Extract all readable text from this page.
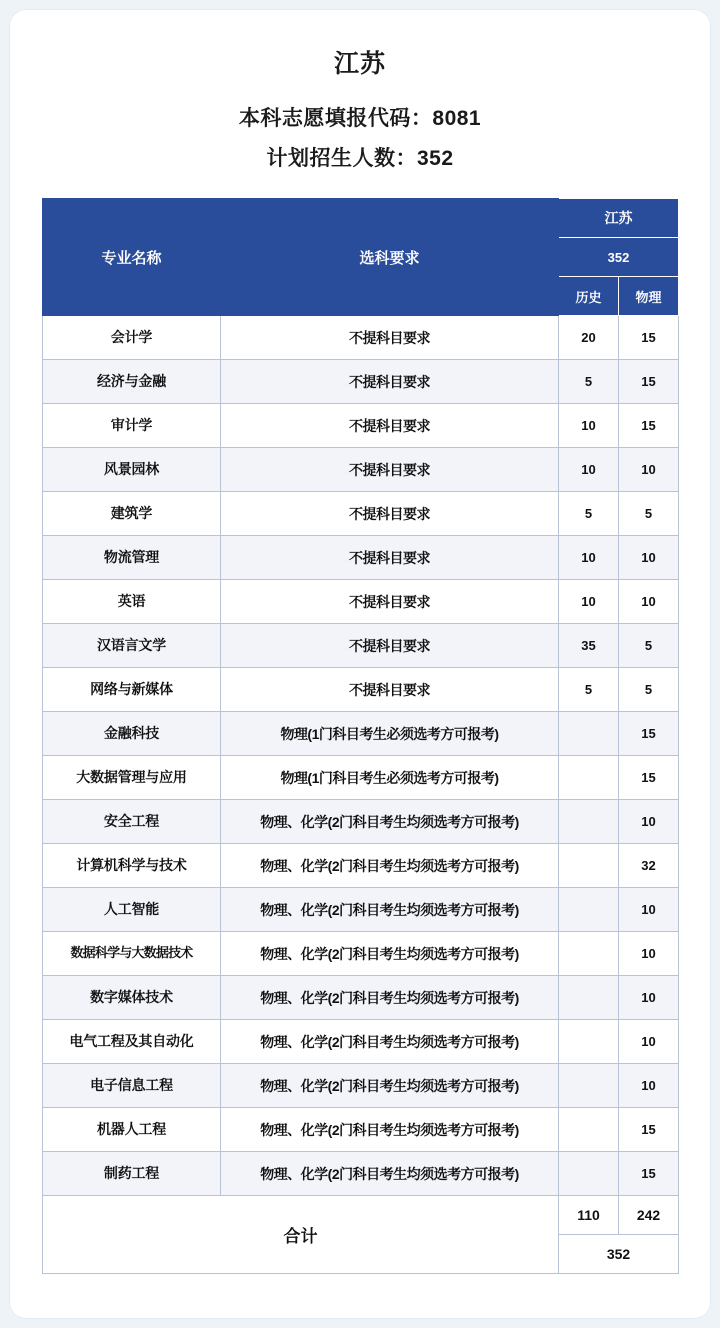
江苏
本科志愿填报代码：8081
计划招生人数：352
专业名称	选科要求	江苏	
		352	
		历史	物理
会计学	不提科目要求	20	15
经济与金融	不提科目要求	5	15
审计学	不提科目要求	10	15
风景园林	不提科目要求	10	10
建筑学	不提科目要求	5	5
物流管理	不提科目要求	10	10
英语	不提科目要求	10	10
汉语言文学	不提科目要求	35	5
网络与新媒体	不提科目要求	5	5
金融科技	物理(1门科目考生必须选考方可报考)		15
大数据管理与应用	物理(1门科目考生必须选考方可报考)		15
安全工程	物理、化学(2门科目考生均须选考方可报考)		10
计算机科学与技术	物理、化学(2门科目考生均须选考方可报考)		32
人工智能	物理、化学(2门科目考生均须选考方可报考)		10
数据科学与大数据技术	物理、化学(2门科目考生均须选考方可报考)		10
数字媒体技术	物理、化学(2门科目考生均须选考方可报考)		10
电气工程及其自动化	物理、化学(2门科目考生均须选考方可报考)		10
电子信息工程	物理、化学(2门科目考生均须选考方可报考)		10
机器人工程	物理、化学(2门科目考生均须选考方可报考)		15
制药工程	物理、化学(2门科目考生均须选考方可报考)		15
合计		110	242
		352	
